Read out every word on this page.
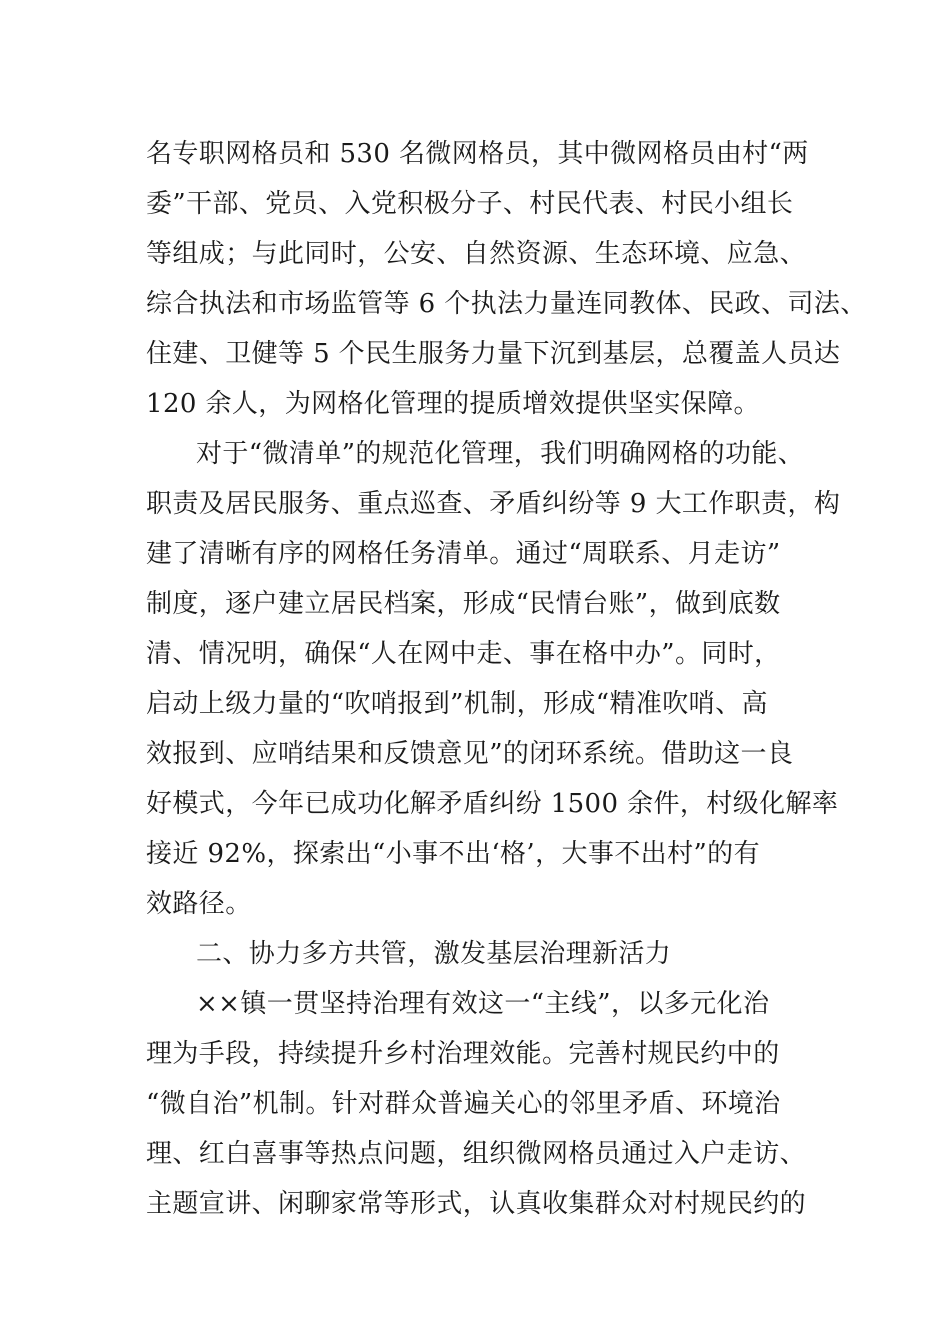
名专职网格员和 530 名微网格员，其中微网格员由村“两
委”干部、党员、入党积极分子、村民代表、村民小组长
等组成；与此同时，公安、自然资源、生态环境、应急、
综合执法和市场监管等 6 个执法力量连同教体、民政、司法、
住建、卫健等 5 个民生服务力量下沉到基层，总覆盖人员达
120 余人，为网格化管理的提质增效提供坚实保障。
对于“微清单”的规范化管理，我们明确网格的功能、
职责及居民服务、重点巡查、矛盾纠纷等 9 大工作职责，构
建了清晰有序的网格任务清单。通过“周联系、月走访”
制度，逐户建立居民档案，形成“民情台账”，做到底数
清、情况明，确保“人在网中走、事在格中办”。同时，
启动上级力量的“吹哨报到”机制，形成“精准吹哨、高
效报到、应哨结果和反馈意见”的闭环系统。借助这一良
好模式，今年已成功化解矛盾纠纷 1500 余件，村级化解率
接近 92%，探索出“小事不出‘格’，大事不出村”的有
效路径。
二、协力多方共管，激发基层治理新活力
××镇一贯坚持治理有效这一“主线”，以多元化治
理为手段，持续提升乡村治理效能。完善村规民约中的
“微自治”机制。针对群众普遍关心的邻里矛盾、环境治
理、红白喜事等热点问题，组织微网格员通过入户走访、
主题宣讲、闲聊家常等形式，认真收集群众对村规民约的
